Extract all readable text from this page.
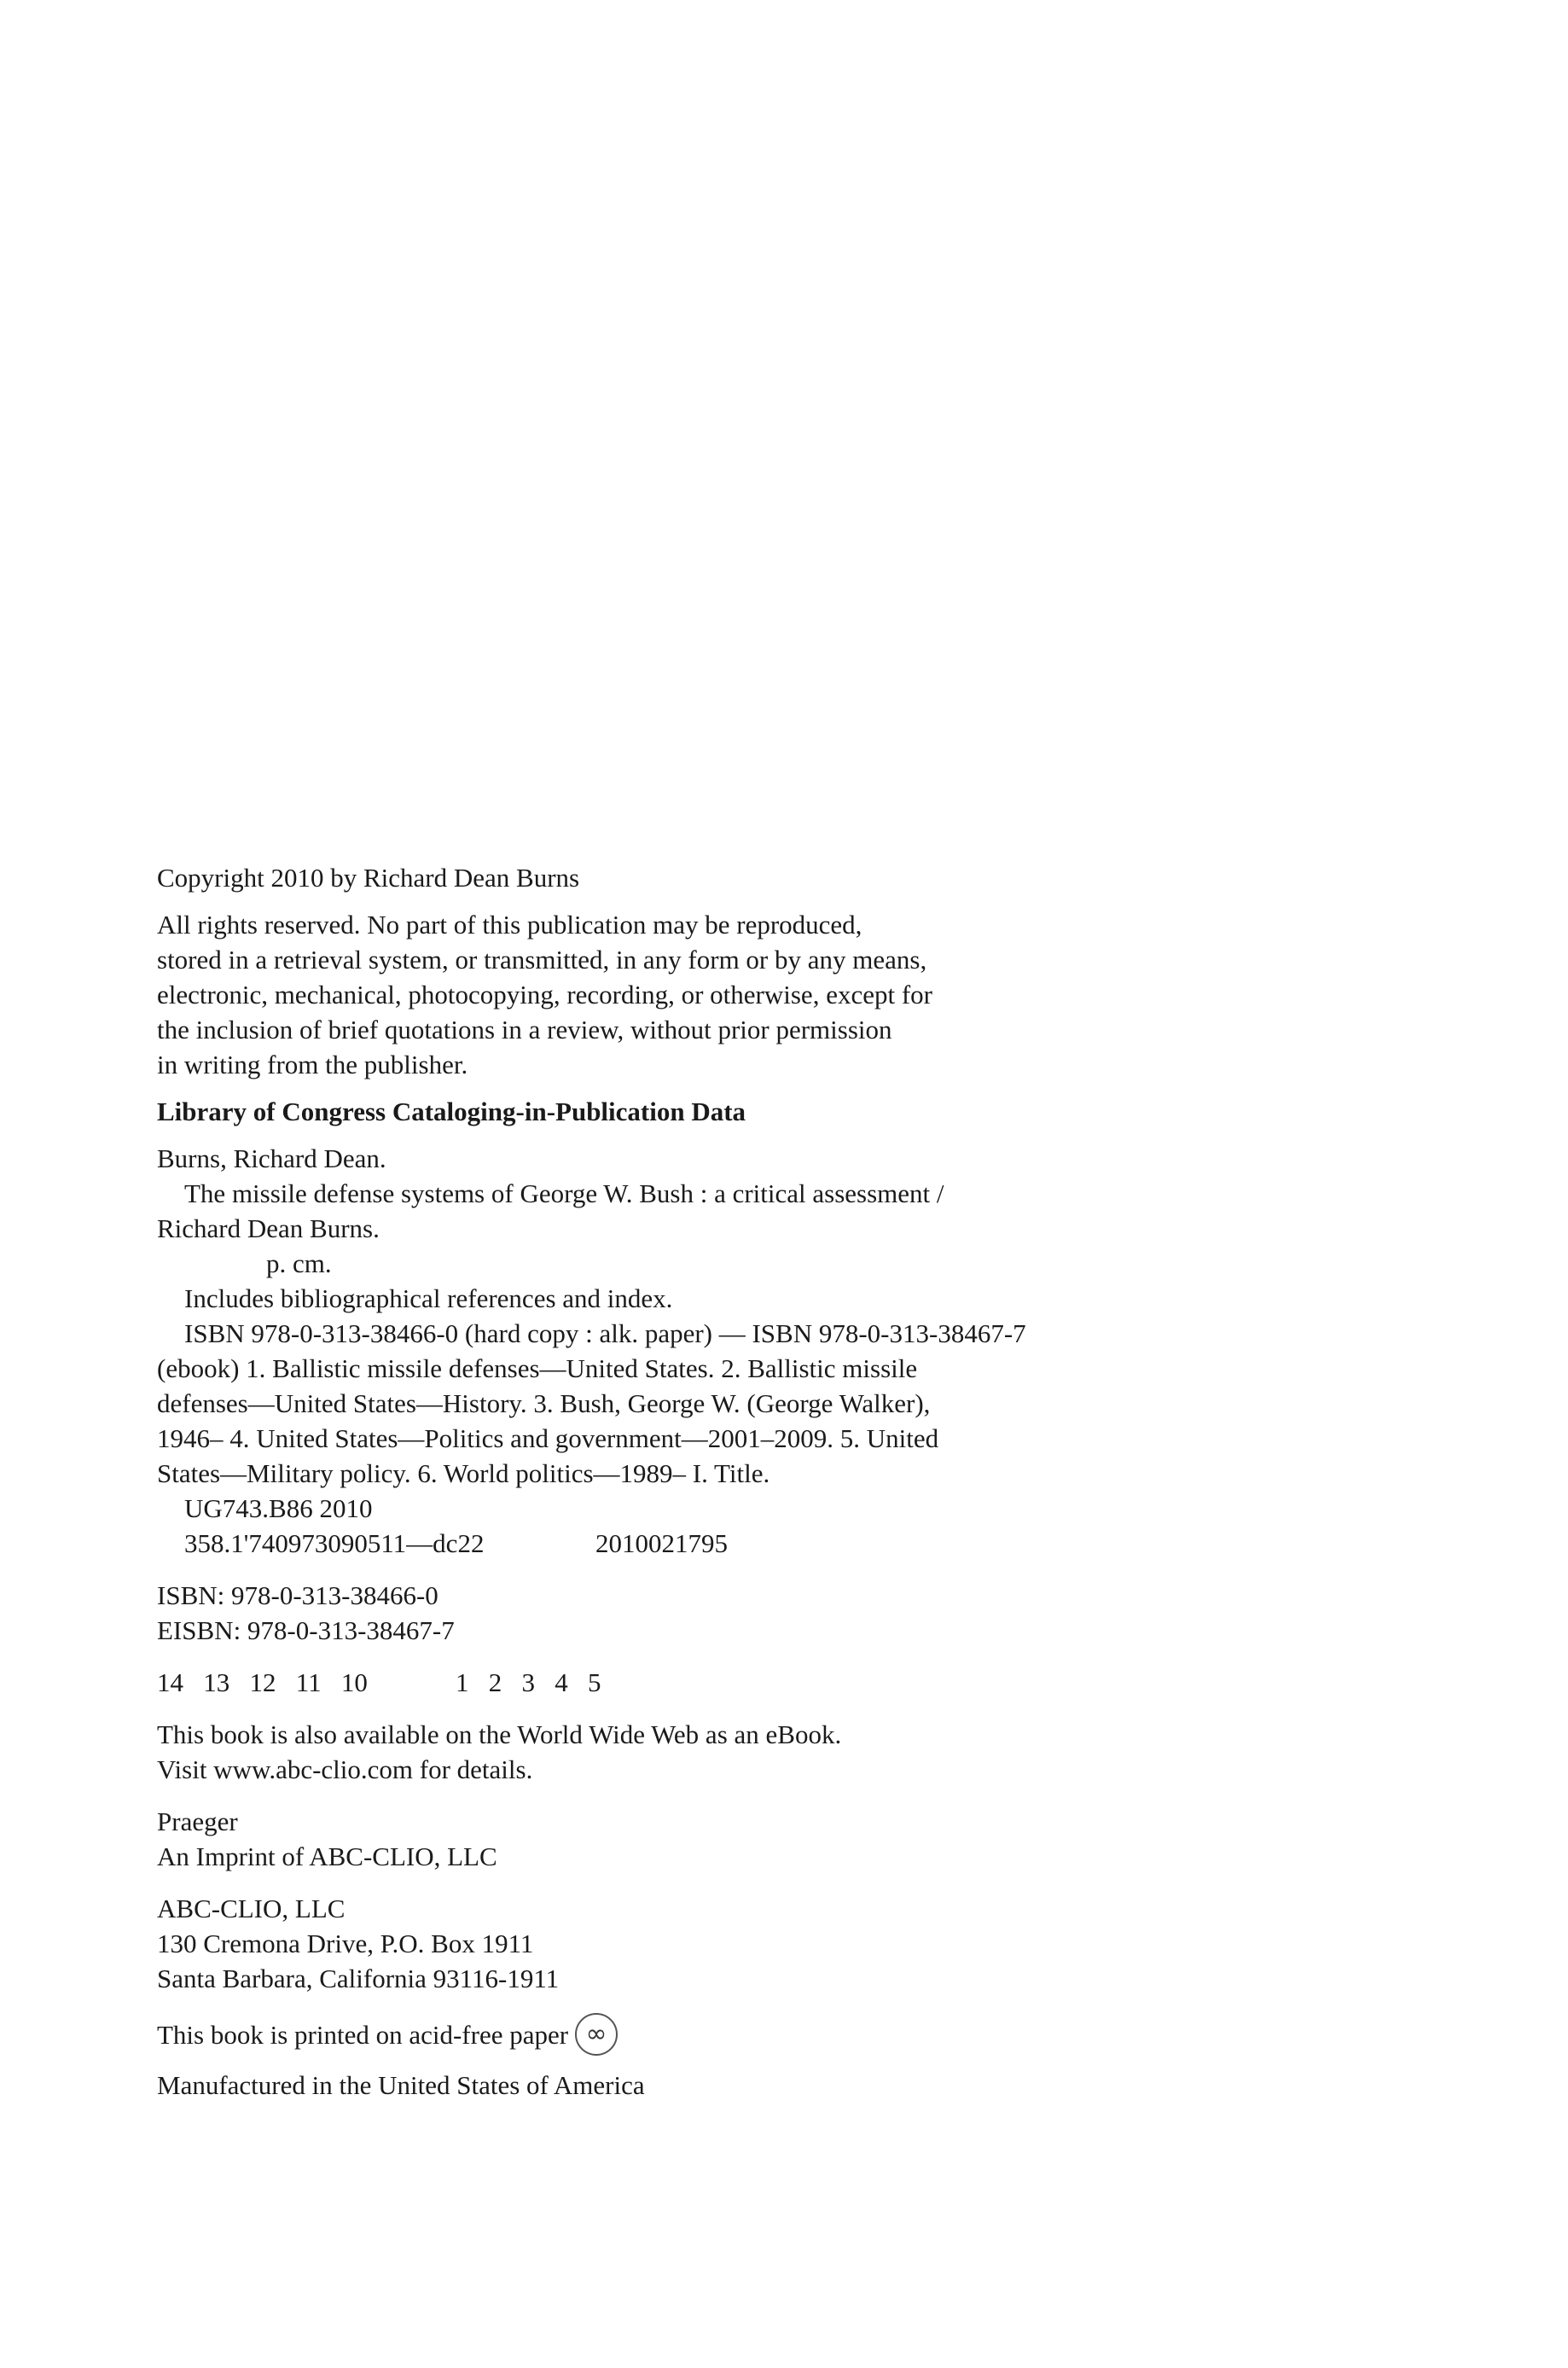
Copyright 2010 by Richard Dean Burns

All rights reserved. No part of this publication may be reproduced,

stored in a retrieval system, or transmitted, in any form or by any means,

electronic, mechanical, photocopying, recording, or otherwise, except for

the inclusion of brief quotations in a review, without prior permission

in writing from the publisher.

Library of Congress Cataloging-in-Publication Data

Burns, Richard Dean.

The missile defense systems of George W. Bush : a critical assessment /

Richard Dean Burns.

p. cm.

Includes bibliographical references and index.

ISBN 978-0-313-38466-0 (hard copy : alk. paper) — ISBN 978-0-313-38467-7

(ebook) 1. Ballistic missile defenses—United States. 2. Ballistic missile

defenses—United States—History. 3. Bush, George W. (George Walker),

1946– 4. United States—Politics and government—2001–2009. 5. United

States—Military policy. 6. World politics—1989– I. Title.

UG743.B86 2010

358.1'740973090511—dc22	2010021795

ISBN: 978-0-313-38466-0

EISBN: 978-0-313-38467-7

14   13   12   11   10	1   2   3   4   5

This book is also available on the World Wide Web as an eBook.

Visit www.abc-clio.com for details.

Praeger

An Imprint of ABC-CLIO, LLC

ABC-CLIO, LLC

130 Cremona Drive, P.O. Box 1911

Santa Barbara, California 93116-1911

This book is printed on acid-free paper ∞

Manufactured in the United States of America
